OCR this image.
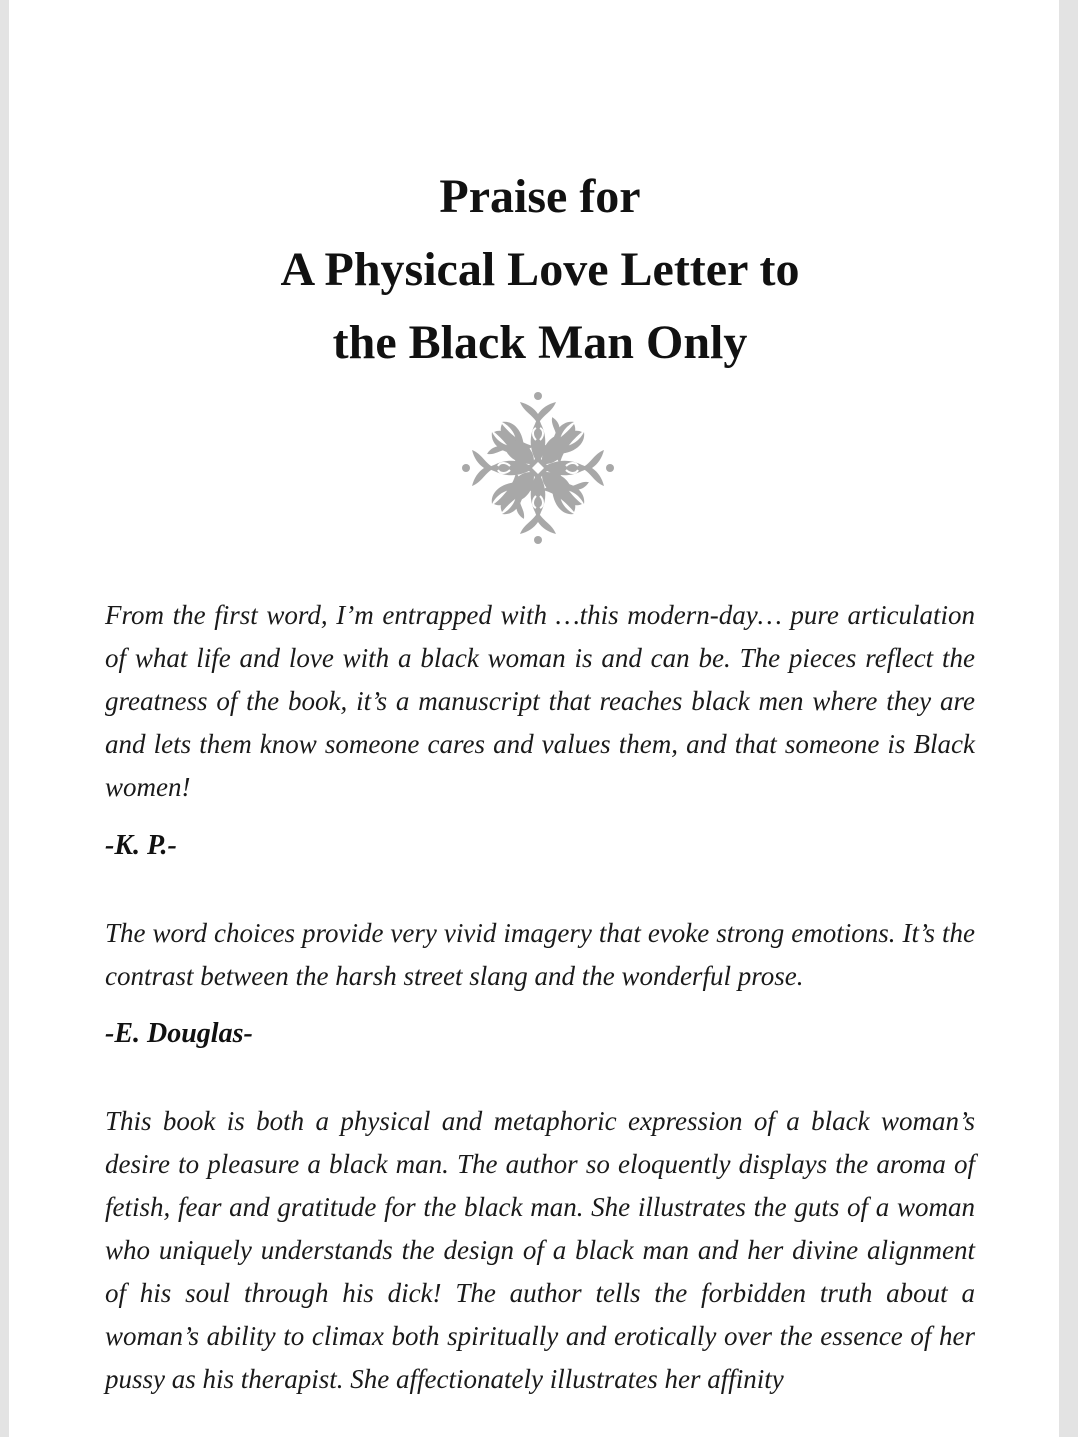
Praise for
A Physical Love Letter to
the Black Man Only

From the first word, I’m entrapped with …this modern-day… pure articulation of what life and love with a black woman is and can be. The pieces reflect the greatness of the book, it’s a manuscript that reaches black men where they are and lets them know someone cares and values them, and that someone is Black women!

-K. P.-

The word choices provide very vivid imagery that evoke strong emotions. It’s the contrast between the harsh street slang and the wonderful prose.

-E. Douglas-

This book is both a physical and metaphoric expression of a black woman’s desire to pleasure a black man. The author so eloquently displays the aroma of fetish, fear and gratitude for the black man. She illustrates the guts of a woman who uniquely understands the design of a black man and her divine alignment of his soul through his dick! The author tells the forbidden truth about a woman’s ability to climax both spiritually and erotically over the essence of her pussy as his therapist. She affectionately illustrates her affinity
